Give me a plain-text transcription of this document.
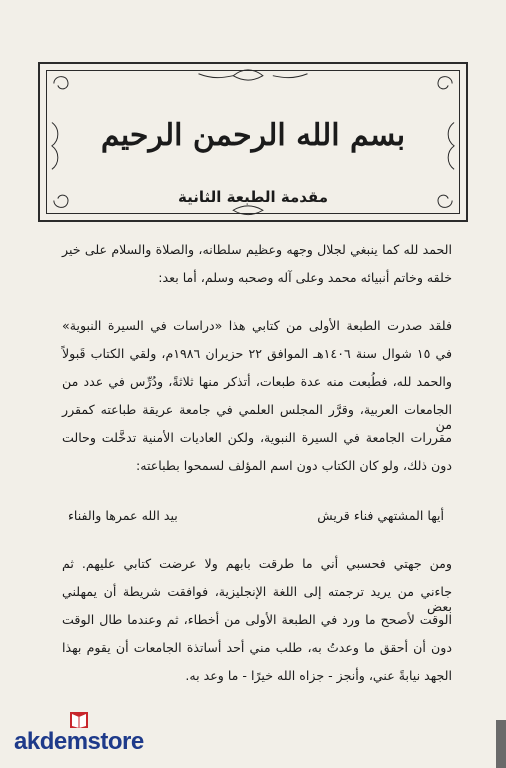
بسم الله الرحمن الرحيم
مقدمة الطبعة الثانية
الحمد لله كما ينبغي لجلال وجهه وعظيم سلطانه، والصلاة والسلام على خير
خلقه وخاتم أنبيائه محمد وعلى آله وصحبه وسلم، أما بعد:
فلقد صدرت الطبعة الأولى من كتابي هذا «دراسات في السيرة النبوية»
في ١٥ شوال سنة ١٤٠٦هـ الموافق ٢٢ حزيران ١٩٨٦م، ولقي الكتاب قَبولاً
والحمد لله، فطُبعت منه عدة طبعات، أتذكر منها ثلاثةً، ودُرِّس في عدد من
الجامعات العربية، وقرَّر المجلس العلمي في جامعة عريقة طباعته كمقرر من
مقررات الجامعة في السيرة النبوية، ولكن العاديات الأمنية تدخَّلت وحالت
دون ذلك، ولو كان الكتاب دون اسم المؤلف لسمحوا بطباعته:
أيها المشتهي فناء قريش
بيد الله عمرها والفناء
ومن جهتي فحسبي أني ما طرقت بابهم ولا عرضت كتابي عليهم. ثم
جاءني من يريد ترجمته إلى اللغة الإنجليزية، فوافقت شريطة أن يمهلني بعض
الوقت لأصحح ما ورد في الطبعة الأولى من أخطاء، ثم وعندما طال الوقت
دون أن أحقق ما وعدتُ به، طلب مني أحد أساتذة الجامعات أن يقوم بهذا
الجهد نيابةً عني، وأنجز - جزاه الله خيرًا - ما وعد به.
akdemstore
